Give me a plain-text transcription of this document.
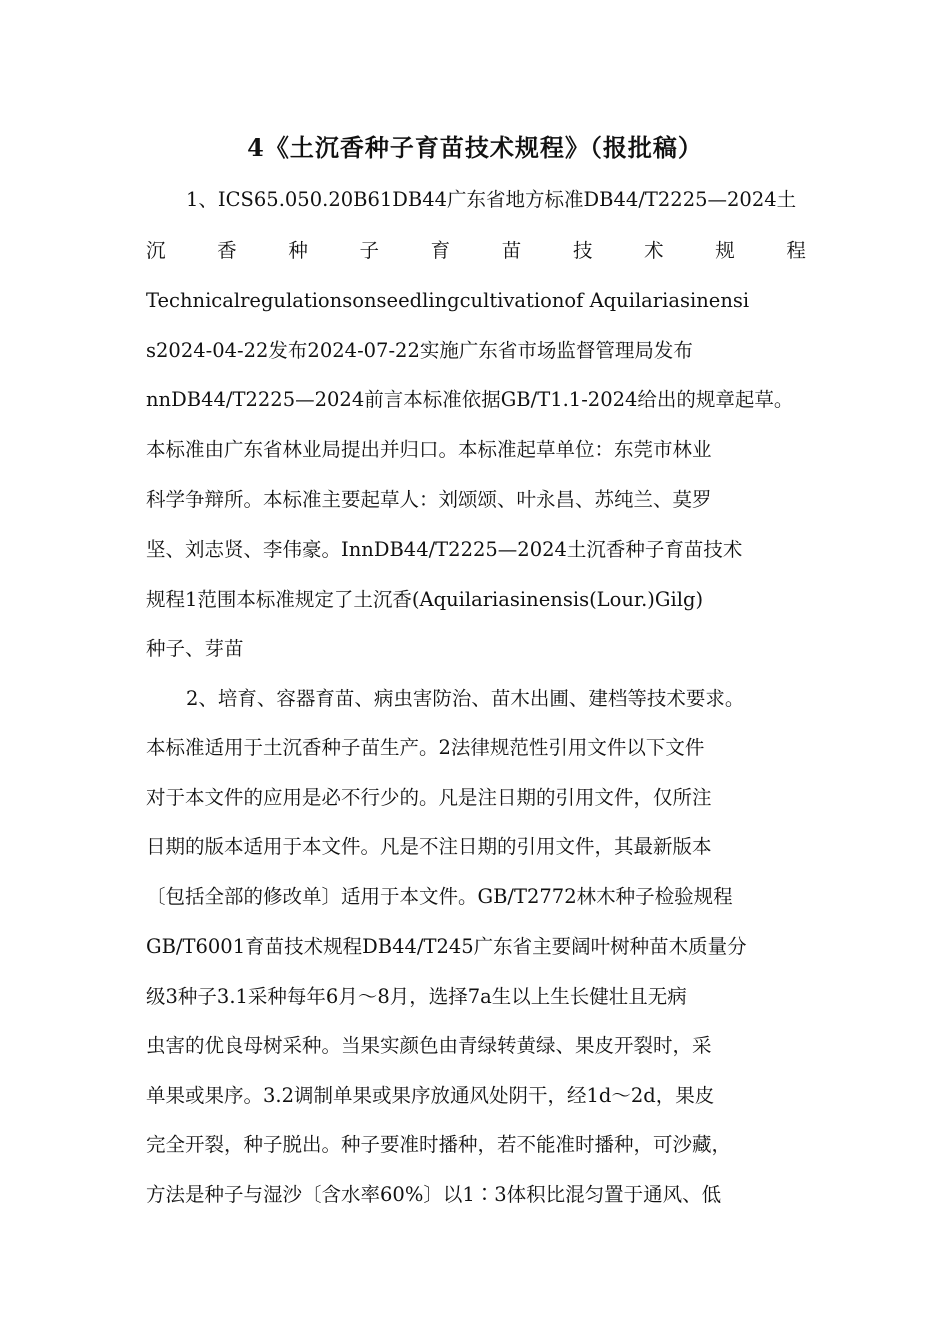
4《土沉香种子育苗技术规程》（报批稿）
1、ICS65.050.20B61DB44广东省地方标准DB44/T2225—2024土
沉	香	种	子	育	苗	技	术	规	程
Technicalregulationsonseedlingcultivationof Aquilariasinensi
s2024-04-22发布2024-07-22实施广东省市场监督管理局发布
nnDB44/T2225—2024前言本标准依据GB/T1.1-2024给出的规章起草。
本标准由广东省林业局提出并归口。本标准起草单位：东莞市林业
科学争辩所。本标准主要起草人：刘颂颂、叶永昌、苏纯兰、莫罗
坚、刘志贤、李伟豪。InnDB44/T2225—2024土沉香种子育苗技术
规程1范围本标准规定了土沉香(Aquilariasinensis(Lour.)Gilg)
种子、芽苗
2、培育、容器育苗、病虫害防治、苗木出圃、建档等技术要求。
本标准适用于土沉香种子苗生产。2法律规范性引用文件以下文件
对于本文件的应用是必不行少的。凡是注日期的引用文件，仅所注
日期的版本适用于本文件。凡是不注日期的引用文件，其最新版本
〔包括全部的修改单〕适用于本文件。GB/T2772林木种子检验规程
GB/T6001育苗技术规程DB44/T245广东省主要阔叶树种苗木质量分
级3种子3.1采种每年6月～8月，选择7a生以上生长健壮且无病
虫害的优良母树采种。当果实颜色由青绿转黄绿、果皮开裂时，采
单果或果序。3.2调制单果或果序放通风处阴干，经1d～2d，果皮
完全开裂，种子脱出。种子要准时播种，若不能准时播种，可沙藏，
方法是种子与湿沙〔含水率60%〕以1∶3体积比混匀置于通风、低
